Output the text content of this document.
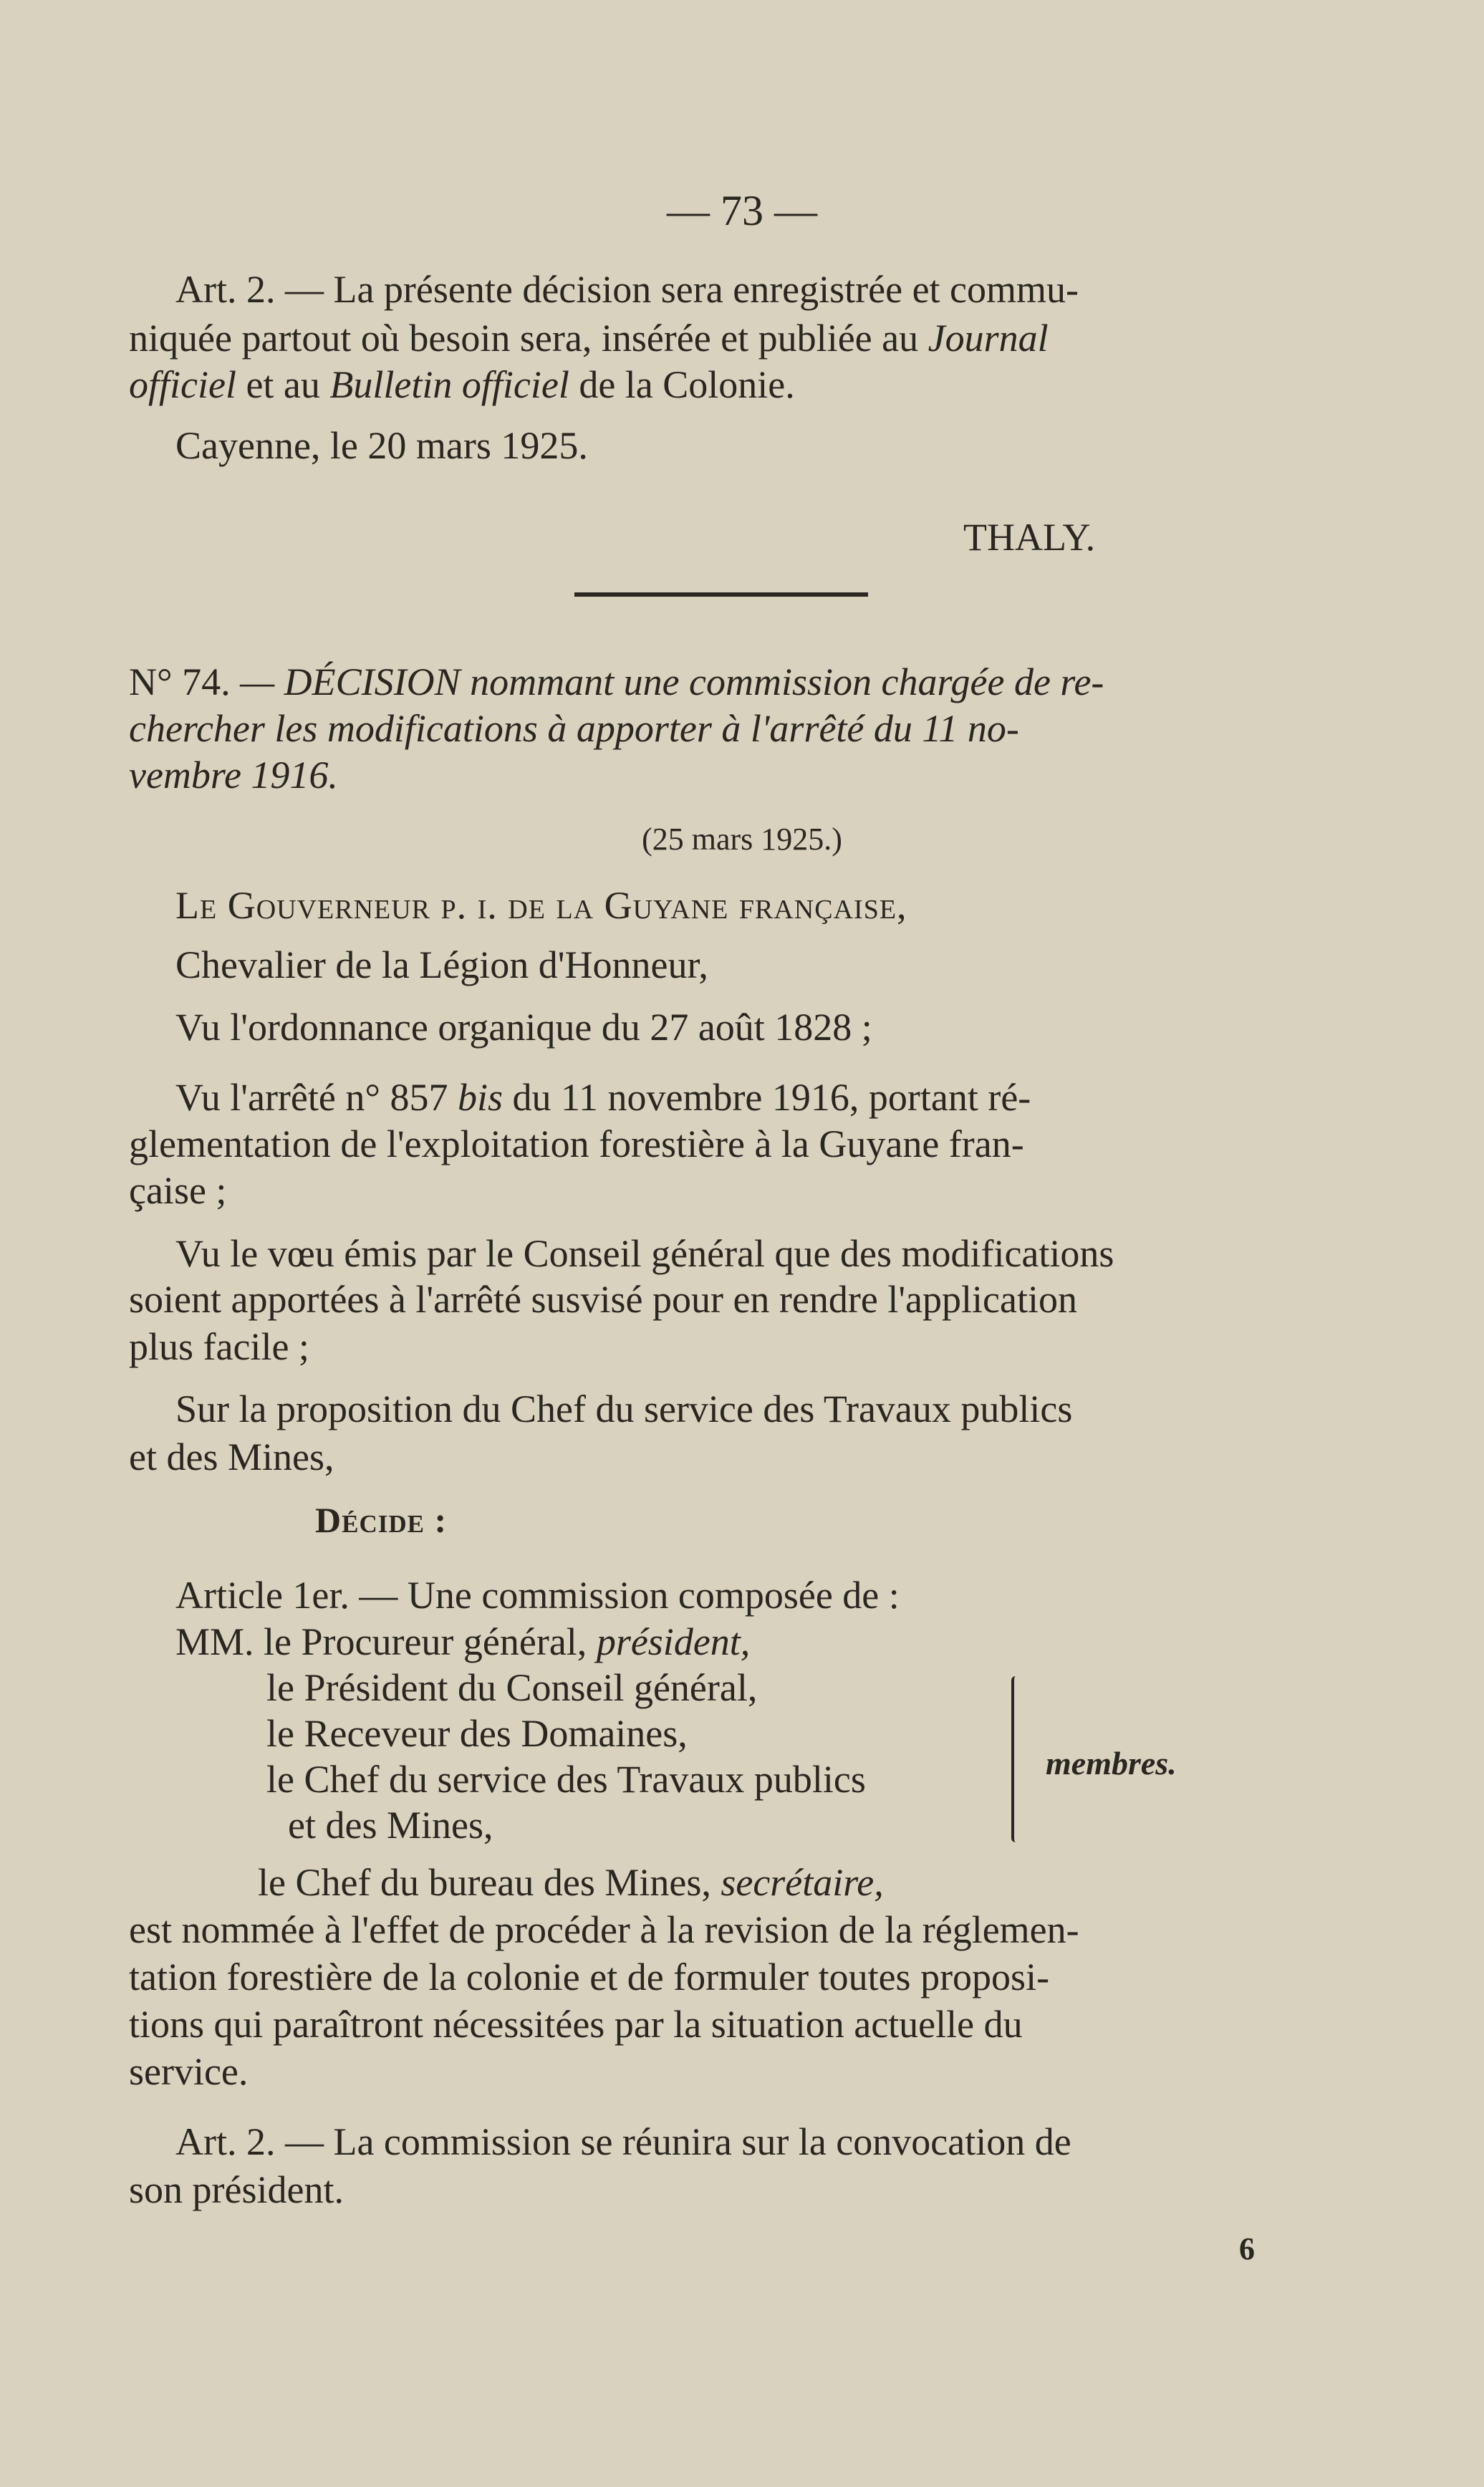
— 73 —
Art. 2. — La présente décision sera enregistrée et commu-
niquée partout où besoin sera, insérée et publiée au Journal
officiel et au Bulletin officiel de la Colonie.
Cayenne, le 20 mars 1925.
THALY.
N° 74. — DÉCISION nommant une commission chargée de re-
chercher les modifications à apporter à l'arrêté du 11 no-
vembre 1916.
(25 mars 1925.)
Le Gouverneur p. i. de la Guyane française,
Chevalier de la Légion d'Honneur,
Vu l'ordonnance organique du 27 août 1828 ;
Vu l'arrêté n° 857 bis du 11 novembre 1916, portant ré-
glementation de l'exploitation forestière à la Guyane fran-
çaise ;
Vu le vœu émis par le Conseil général que des modifications
soient apportées à l'arrêté susvisé pour en rendre l'application
plus facile ;
Sur la proposition du Chef du service des Travaux publics
et des Mines,
Décide :
Article 1er. — Une commission composée de :
MM. le Procureur général, président,
le Président du Conseil général,
le Receveur des Domaines,
le Chef du service des Travaux publics
et des Mines,
membres.
le Chef du bureau des Mines, secrétaire,
est nommée à l'effet de procéder à la revision de la réglemen-
tation forestière de la colonie et de formuler toutes proposi-
tions qui paraîtront nécessitées par la situation actuelle du
service.
Art. 2. — La commission se réunira sur la convocation de
son président.
6
